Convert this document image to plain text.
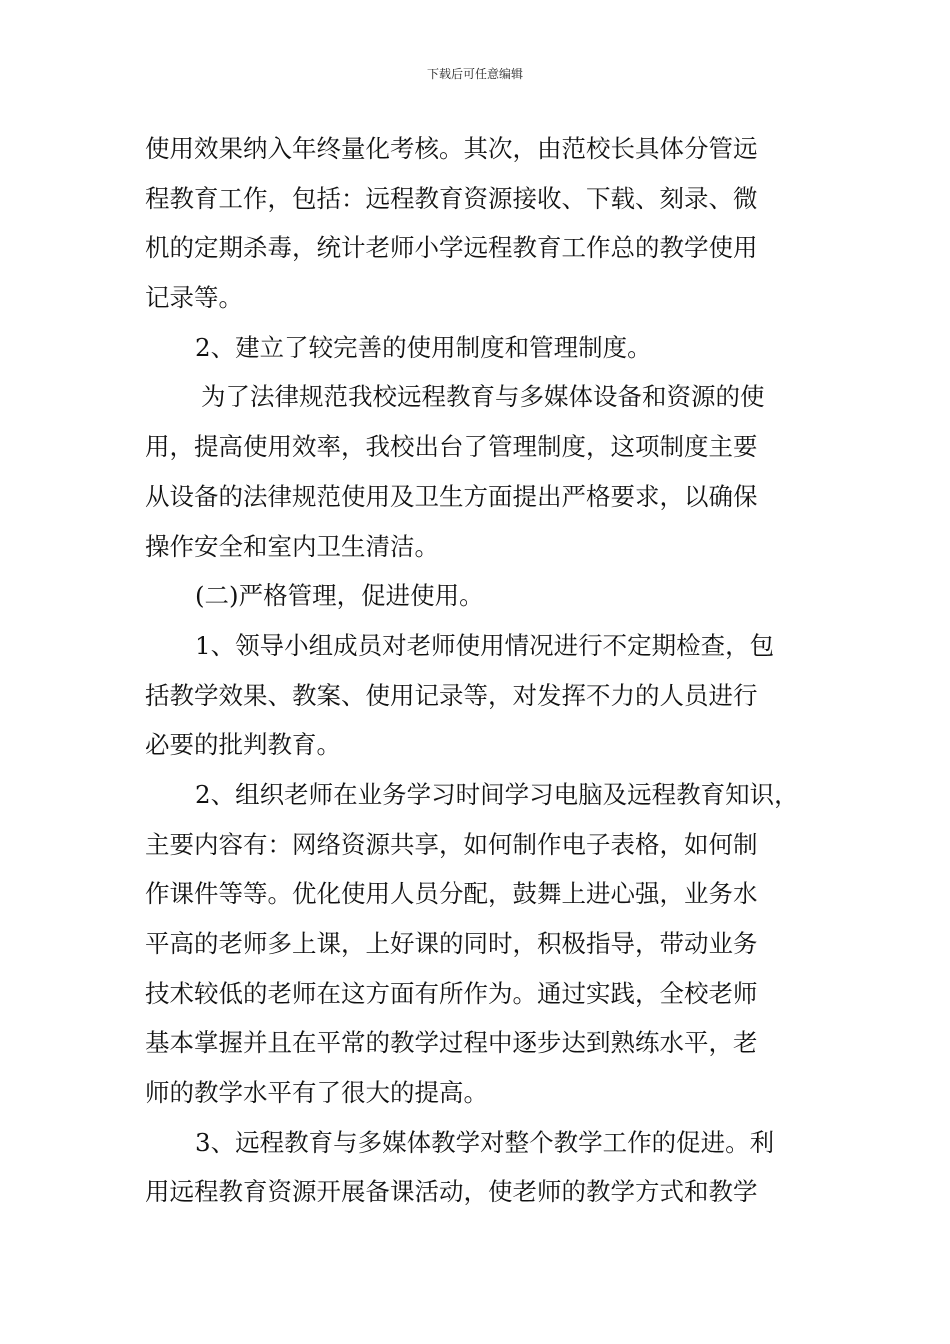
下载后可任意编辑
使用效果纳入年终量化考核。其次，由范校长具体分管远
程教育工作，包括：远程教育资源接收、下载、刻录、微
机的定期杀毒，统计老师小学远程教育工作总的教学使用
记录等。
2、建立了较完善的使用制度和管理制度。
为了法律规范我校远程教育与多媒体设备和资源的使
用，提高使用效率，我校出台了管理制度，这项制度主要
从设备的法律规范使用及卫生方面提出严格要求，以确保
操作安全和室内卫生清洁。
(二)严格管理，促进使用。
1、领导小组成员对老师使用情况进行不定期检查，包
括教学效果、教案、使用记录等，对发挥不力的人员进行
必要的批判教育。
2、组织老师在业务学习时间学习电脑及远程教育知识，
主要内容有：网络资源共享，如何制作电子表格，如何制
作课件等等。优化使用人员分配，鼓舞上进心强，业务水
平高的老师多上课，上好课的同时，积极指导，带动业务
技术较低的老师在这方面有所作为。通过实践，全校老师
基本掌握并且在平常的教学过程中逐步达到熟练水平，老
师的教学水平有了很大的提高。
3、远程教育与多媒体教学对整个教学工作的促进。利
用远程教育资源开展备课活动，使老师的教学方式和教学
